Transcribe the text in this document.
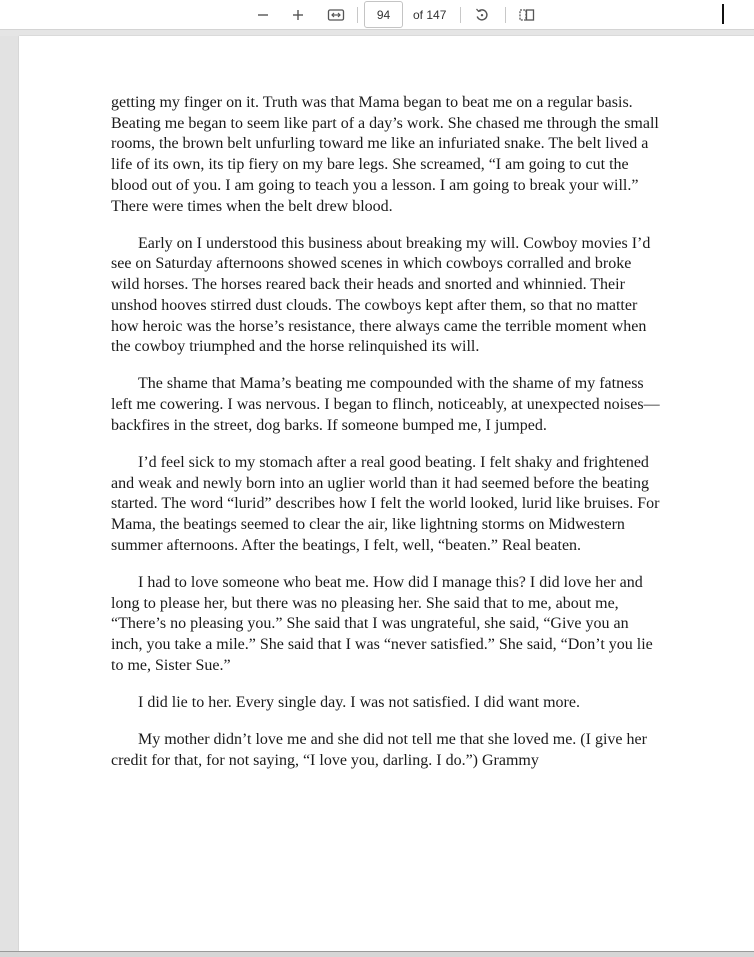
94
of 147

getting my finger on it. Truth was that Mama began to beat me on a regular basis. Beating me began to seem like part of a day’s work. She chased me through the small rooms, the brown belt unfurling toward me like an infuriated snake. The belt lived a life of its own, its tip fiery on my bare legs. She screamed, “I am going to cut the blood out of you. I am going to teach you a lesson. I am going to break your will.” There were times when the belt drew blood.

Early on I understood this business about breaking my will. Cowboy movies I’d see on Saturday afternoons showed scenes in which cowboys corralled and broke wild horses. The horses reared back their heads and snorted and whinnied. Their unshod hooves stirred dust clouds. The cowboys kept after them, so that no matter how heroic was the horse’s resistance, there always came the terrible moment when the cowboy triumphed and the horse relinquished its will.

The shame that Mama’s beating me compounded with the shame of my fatness left me cowering. I was nervous. I began to flinch, noticeably, at unexpected noises—backfires in the street, dog barks. If someone bumped me, I jumped.

I’d feel sick to my stomach after a real good beating. I felt shaky and frightened and weak and newly born into an uglier world than it had seemed before the beating started. The word “lurid” describes how I felt the world looked, lurid like bruises. For Mama, the beatings seemed to clear the air, like lightning storms on Midwestern summer afternoons. After the beatings, I felt, well, “beaten.” Real beaten.

I had to love someone who beat me. How did I manage this? I did love her and long to please her, but there was no pleasing her. She said that to me, about me, “There’s no pleasing you.” She said that I was ungrateful, she said, “Give you an inch, you take a mile.” She said that I was “never satisfied.” She said, “Don’t you lie to me, Sister Sue.”

I did lie to her. Every single day. I was not satisfied. I did want more.

My mother didn’t love me and she did not tell me that she loved me. (I give her credit for that, for not saying, “I love you, darling. I do.”) Grammy
